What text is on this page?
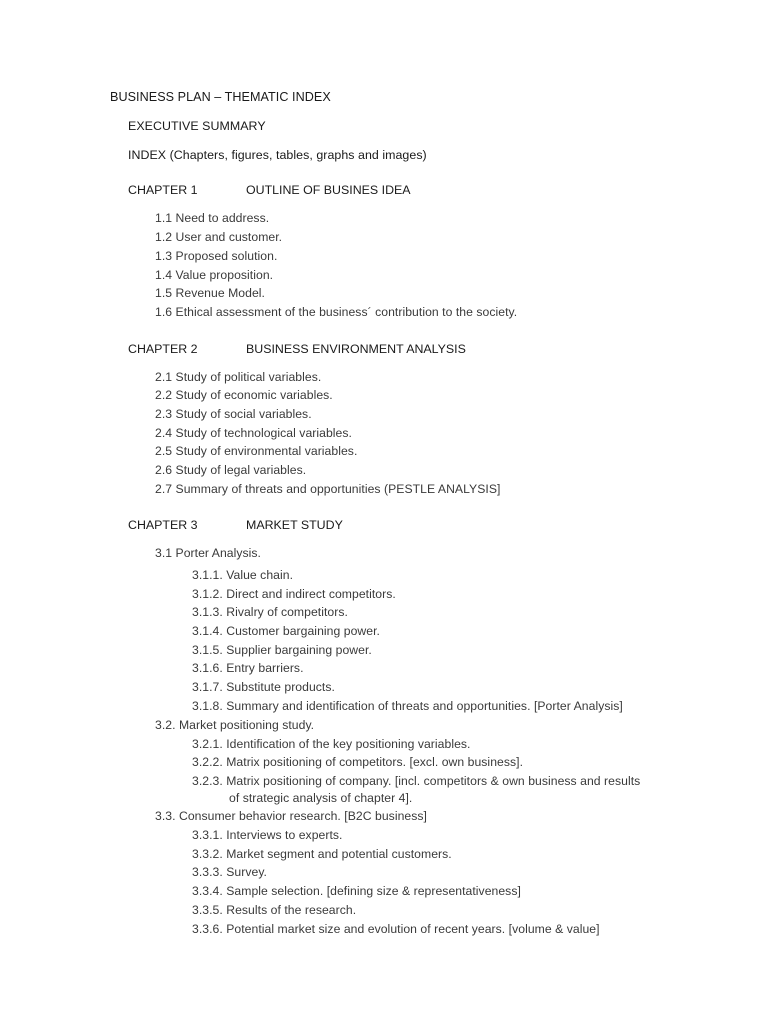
BUSINESS PLAN – THEMATIC INDEX
EXECUTIVE SUMMARY
INDEX (Chapters, figures, tables, graphs and images)
CHAPTER 1	OUTLINE OF BUSINES IDEA
1.1 Need to address.
1.2 User and customer.
1.3 Proposed solution.
1.4 Value proposition.
1.5 Revenue Model.
1.6 Ethical assessment of the business´ contribution to the society.
CHAPTER 2	BUSINESS ENVIRONMENT ANALYSIS
2.1 Study of political variables.
2.2 Study of economic variables.
2.3 Study of social variables.
2.4 Study of technological variables.
2.5 Study of environmental variables.
2.6 Study of legal variables.
2.7 Summary of threats and opportunities (PESTLE ANALYSIS]
CHAPTER 3	MARKET STUDY
3.1 Porter Analysis.
3.1.1. Value chain.
3.1.2. Direct and indirect competitors.
3.1.3. Rivalry of competitors.
3.1.4. Customer bargaining power.
3.1.5. Supplier bargaining power.
3.1.6. Entry barriers.
3.1.7. Substitute products.
3.1.8. Summary and identification of threats and opportunities. [Porter Analysis]
3.2. Market positioning study.
3.2.1. Identification of the key positioning variables.
3.2.2. Matrix positioning of competitors. [excl. own business].
3.2.3. Matrix positioning of company. [incl. competitors & own business and results
of strategic analysis of chapter 4].
3.3. Consumer behavior research. [B2C business]
3.3.1. Interviews to experts.
3.3.2. Market segment and potential customers.
3.3.3. Survey.
3.3.4. Sample selection. [defining size & representativeness]
3.3.5. Results of the research.
3.3.6. Potential market size and evolution of recent years. [volume & value]
